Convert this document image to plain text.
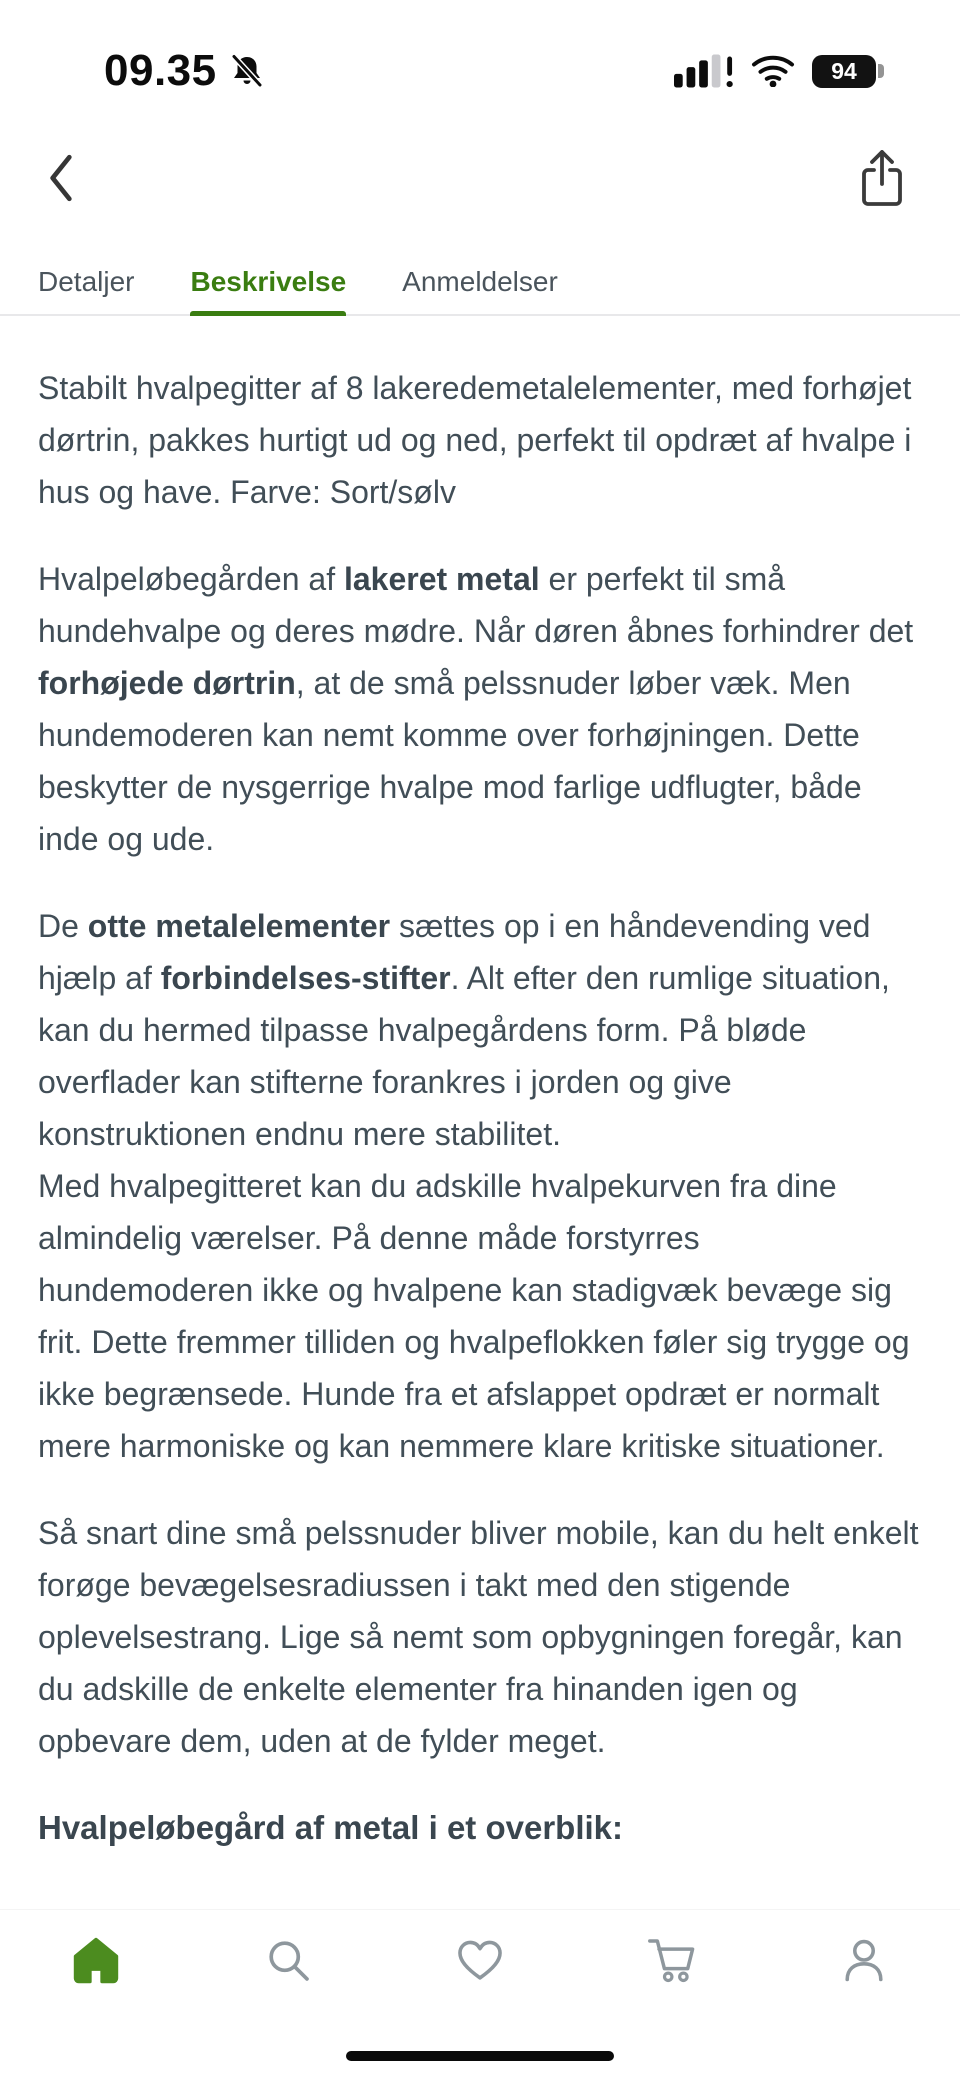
09.35	94
Detaljer Beskrivelse Anmeldelser

Stabilt hvalpegitter af 8 lakeredemetalelementer, med forhøjet dørtrin, pakkes hurtigt ud og ned, perfekt til opdræt af hvalpe i hus og have. Farve: Sort/sølv

Hvalpeløbegården af lakeret metal er perfekt til små hundehvalpe og deres mødre. Når døren åbnes forhindrer det forhøjede dørtrin, at de små pelssnuder løber væk. Men hundemoderen kan nemt komme over forhøjningen. Dette beskytter de nysgerrige hvalpe mod farlige udflugter, både inde og ude.

De otte metalelementer sættes op i en håndevending ved hjælp af forbindelses-stifter. Alt efter den rumlige situation, kan du hermed tilpasse hvalpegårdens form. På bløde overflader kan stifterne forankres i jorden og give konstruktionen endnu mere stabilitet.

Med hvalpegitteret kan du adskille hvalpekurven fra dine almindelig værelser. På denne måde forstyrres hundemoderen ikke og hvalpene kan stadigvæk bevæge sig frit. Dette fremmer tilliden og hvalpeflokken føler sig trygge og ikke begrænsede. Hunde fra et afslappet opdræt er normalt mere harmoniske og kan nemmere klare kritiske situationer.

Så snart dine små pelssnuder bliver mobile, kan du helt enkelt forøge bevægelsesradiussen i takt med den stigende oplevelsestrang. Lige så nemt som opbygningen foregår, kan du adskille de enkelte elementer fra hinanden igen og opbevare dem, uden at de fylder meget.

Hvalpeløbegård af metal i et overblik:
